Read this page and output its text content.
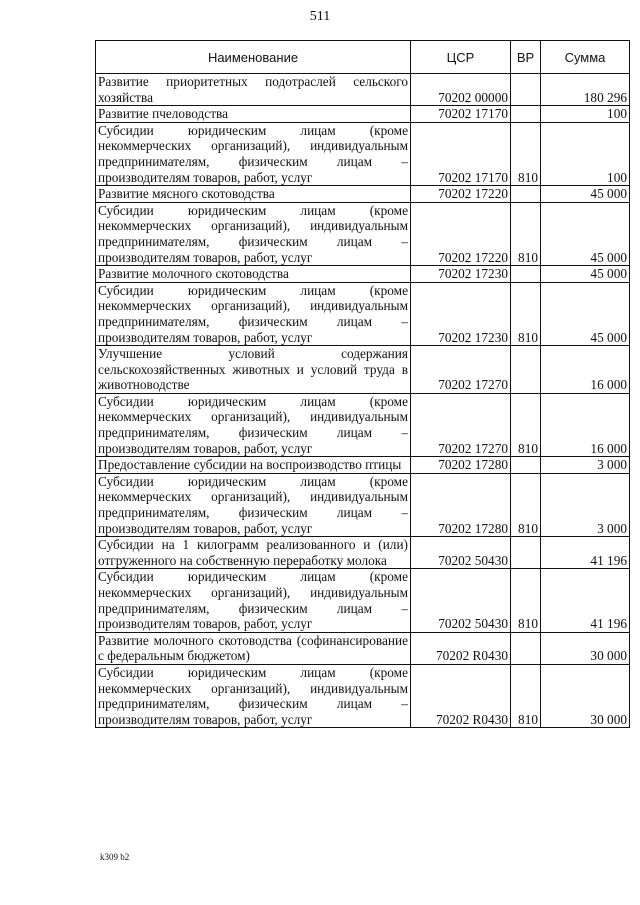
511
Наименование	ЦСР	ВР	Сумма
Развитие приоритетных подотраслей сельского хозяйства	70202 00000		180 296
Развитие пчеловодства	70202 17170		100
Субсидии юридическим лицам (кроме некоммерческих организаций), индивидуальным предпринимателям, физическим лицам – производителям товаров, работ, услуг	70202 17170	810	100
Развитие мясного скотоводства	70202 17220		45 000
Субсидии юридическим лицам (кроме некоммерческих организаций), индивидуальным предпринимателям, физическим лицам – производителям товаров, работ, услуг	70202 17220	810	45 000
Развитие молочного скотоводства	70202 17230		45 000
Субсидии юридическим лицам (кроме некоммерческих организаций), индивидуальным предпринимателям, физическим лицам – производителям товаров, работ, услуг	70202 17230	810	45 000
Улучшение условий содержания сельскохозяйственных животных и условий труда в животноводстве	70202 17270		16 000
Субсидии юридическим лицам (кроме некоммерческих организаций), индивидуальным предпринимателям, физическим лицам – производителям товаров, работ, услуг	70202 17270	810	16 000
Предоставление субсидии на воспроизводство птицы	70202 17280		3 000
Субсидии юридическим лицам (кроме некоммерческих организаций), индивидуальным предпринимателям, физическим лицам – производителям товаров, работ, услуг	70202 17280	810	3 000
Субсидии на 1 килограмм реализованного и (или) отгруженного на собственную переработку молока	70202 50430		41 196
Субсидии юридическим лицам (кроме некоммерческих организаций), индивидуальным предпринимателям, физическим лицам – производителям товаров, работ, услуг	70202 50430	810	41 196
Развитие молочного скотоводства (софинансирование с федеральным бюджетом)	70202 R0430		30 000
Субсидии юридическим лицам (кроме некоммерческих организаций), индивидуальным предпринимателям, физическим лицам – производителям товаров, работ, услуг	70202 R0430	810	30 000
k309 b2
